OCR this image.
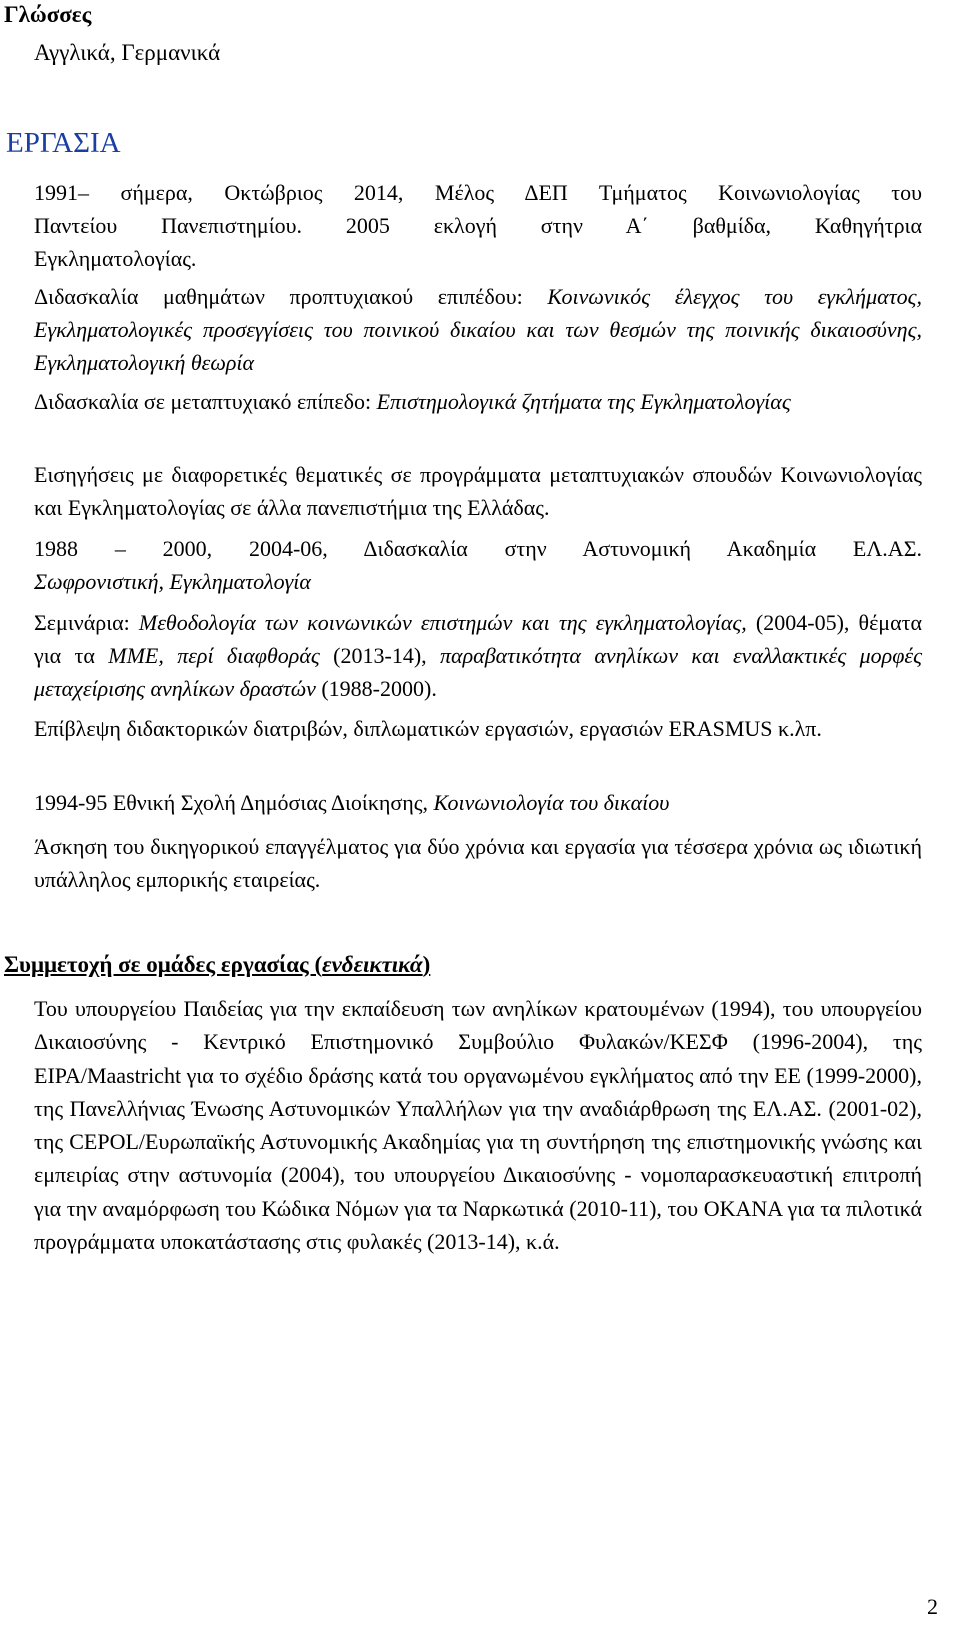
Γλώσσες
Αγγλικά, Γερμανικά
ΕΡΓΑΣΙΑ
1991– σήμερα, Οκτώβριος 2014, Μέλος ΔΕΠ Τμήματος Κοινωνιολογίας του
Παντείου Πανεπιστημίου. 2005 εκλογή στην Α΄ βαθμίδα, Καθηγήτρια
Εγκληματολογίας.
Διδασκαλία μαθημάτων προπτυχιακού επιπέδου: Κοινωνικός έλεγχος του εγκλήματος, Εγκληματολογικές προσεγγίσεις του ποινικού δικαίου και των θεσμών της ποινικής δικαιοσύνης, Εγκληματολογική θεωρία
Διδασκαλία σε μεταπτυχιακό επίπεδο: Επιστημολογικά ζητήματα της Εγκληματολογίας
Εισηγήσεις με διαφορετικές θεματικές σε προγράμματα μεταπτυχιακών σπουδών Κοινωνιολογίας και Εγκληματολογίας σε άλλα πανεπιστήμια της Ελλάδας.
1988 – 2000, 2004-06, Διδασκαλία στην Αστυνομική Ακαδημία ΕΛ.ΑΣ.
Σωφρονιστική, Εγκληματολογία
Σεμινάρια: Μεθοδολογία των κοινωνικών επιστημών και της εγκληματολογίας, (2004-05), θέματα για τα ΜΜΕ, περί διαφθοράς (2013-14), παραβατικότητα ανηλίκων και εναλλακτικές μορφές μεταχείρισης ανηλίκων δραστών (1988-2000).
Επίβλεψη διδακτορικών διατριβών, διπλωματικών εργασιών, εργασιών ERASMUS κ.λπ.
1994-95 Εθνική Σχολή Δημόσιας Διοίκησης, Κοινωνιολογία του δικαίου
Άσκηση του δικηγορικού επαγγέλματος για δύο χρόνια και εργασία για τέσσερα χρόνια ως ιδιωτική υπάλληλος εμπορικής εταιρείας.
Συμμετοχή σε ομάδες εργασίας (ενδεικτικά)
Του υπουργείου Παιδείας για την εκπαίδευση των ανηλίκων κρατουμένων (1994), του υπουργείου Δικαιοσύνης - Κεντρικό Επιστημονικό Συμβούλιο Φυλακών/ΚΕΣΦ (1996-2004), της EIPA/Maastricht για το σχέδιο δράσης κατά του οργανωμένου εγκλήματος από την ΕΕ (1999-2000), της Πανελλήνιας Ένωσης Αστυνομικών Υπαλλήλων για την αναδιάρθρωση της ΕΛ.ΑΣ. (2001-02), της CEPOL/Ευρωπαϊκής Αστυνομικής Ακαδημίας για τη συντήρηση της επιστημονικής γνώσης και εμπειρίας στην αστυνομία (2004), του υπουργείου Δικαιοσύνης - νομοπαρασκευαστική επιτροπή για την αναμόρφωση του Κώδικα Νόμων για τα Ναρκωτικά (2010-11), του ΟΚΑΝΑ για τα πιλοτικά προγράμματα υποκατάστασης στις φυλακές (2013-14), κ.ά.
2
